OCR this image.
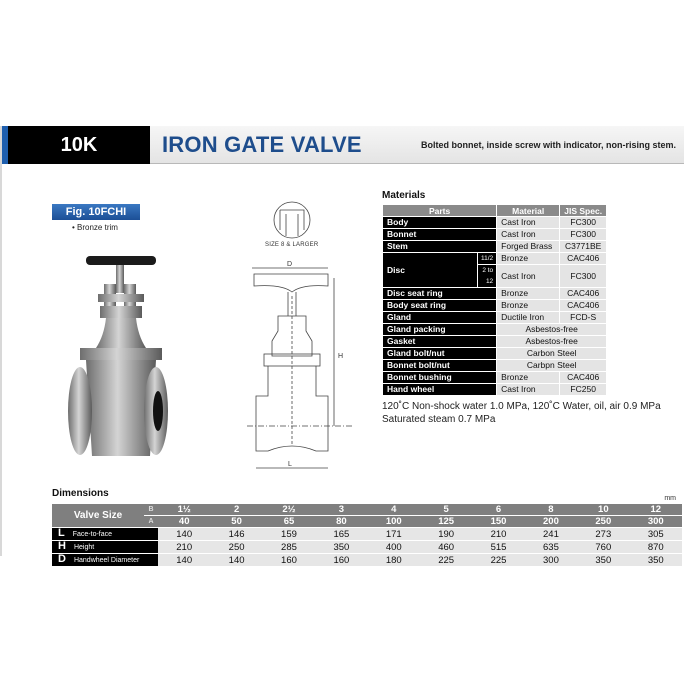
10K	IRON GATE VALVE	Bolted bonnet, inside screw with indicator, non-rising stem.
Fig. 10FCHI
• Bronze trim
D
H
L
SIZE 8 & LARGER
Materials
Parts		Material	JIS Spec.
Body		Cast Iron	FC300
Bonnet		Cast Iron	FC300
Stem		Forged Brass	C3771BE
Disc	11/2	Bronze	CAC406
	2 to 12	Cast Iron	FC300
Disc seat ring		Bronze	CAC406
Body seat ring		Bronze	CAC406
Gland		Ductile Iron	FCD-S
Gland packing		Asbestos-free	
Gasket		Asbestos-free	
Gland bolt/nut		Carbon Steel	
Bonnet bolt/nut		Carbpn Steel	
Bonnet bushing		Bronze	CAC406
Hand wheel		Cast Iron	FC250
120˚C Non-shock water 1.0 MPa, 120˚C Water, oil, air 0.9 MPa
Saturated steam 0.7 MPa
Dimensions	mm
Valve Size	B	1½	2	2½	3	4	5	6	8	10	12
	A	40	50	65	80	100	125	150	200	250	300
L Face-to-face		140	146	159	165	171	190	210	241	273	305
H Height		210	250	285	350	400	460	515	635	760	870
D Handwheel Diameter		140	140	160	160	180	225	225	300	350	350
